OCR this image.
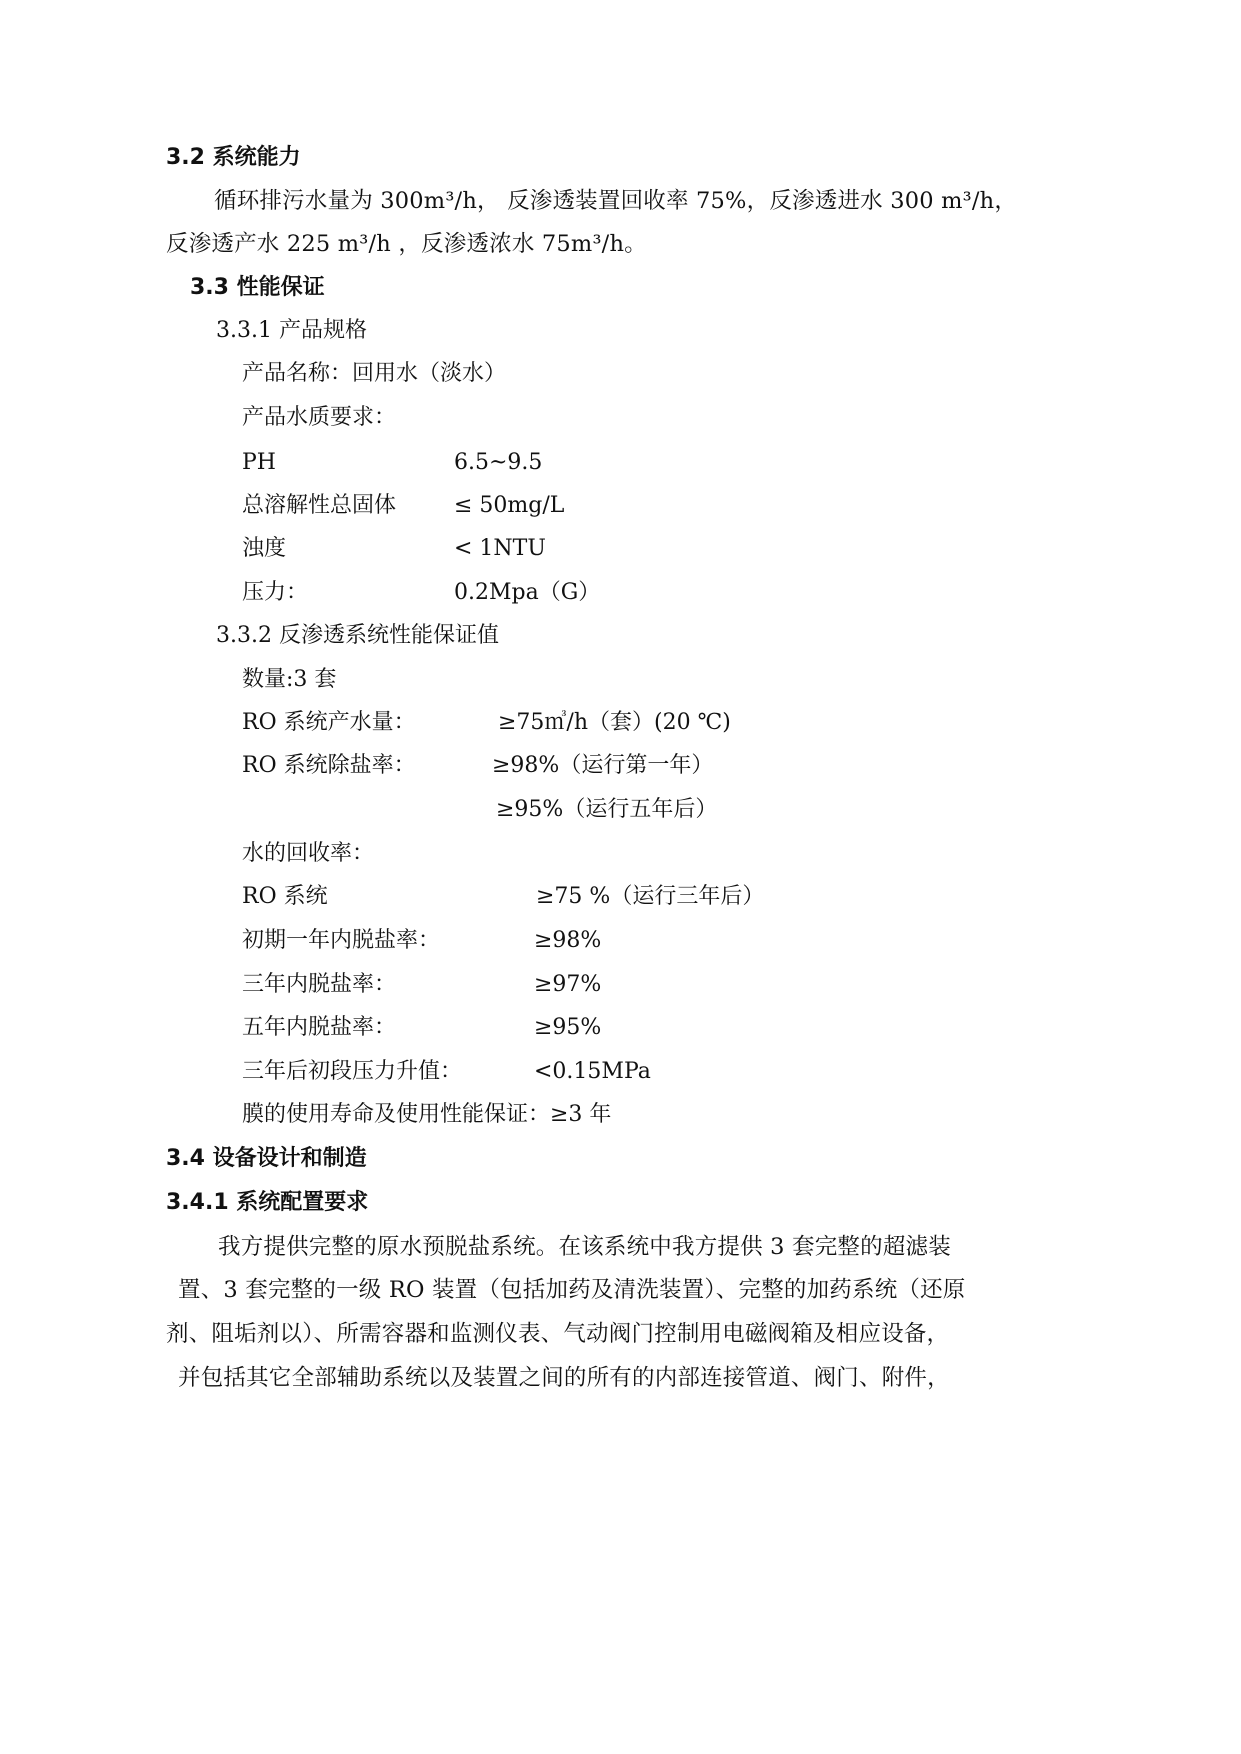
3.2 系统能力
循环排污水量为 300m³/h， 反渗透装置回收率 75%，反渗透进水 300 m³/h，
反渗透产水 225 m³/h ，反渗透浓水 75m³/h。
3.3 性能保证
3.3.1 产品规格
产品名称：回用水（淡水）
产品水质要求：
PH	6.5~9.5
总溶解性总固体	≤ 50mg/L
浊度	< 1NTU
压力：	0.2Mpa（G）
3.3.2 反渗透系统性能保证值
数量:3 套
RO 系统产水量：	≥75㎥/h（套）(20 ℃)
RO 系统除盐率：	≥98%（运行第一年）
≥95%（运行五年后）
水的回收率：
RO 系统	≥75 %（运行三年后）
初期一年内脱盐率：	≥98%
三年内脱盐率：	≥97%
五年内脱盐率：	≥95%
三年后初段压力升值：	<0.15MPa
膜的使用寿命及使用性能保证：≥3 年
3.4 设备设计和制造
3.4.1 系统配置要求
我方提供完整的原水预脱盐系统。在该系统中我方提供 3 套完整的超滤装
置、3 套完整的一级 RO 装置（包括加药及清洗装置）、完整的加药系统（还原
剂、阻垢剂以）、所需容器和监测仪表、气动阀门控制用电磁阀箱及相应设备，
并包括其它全部辅助系统以及装置之间的所有的内部连接管道、阀门、附件，
